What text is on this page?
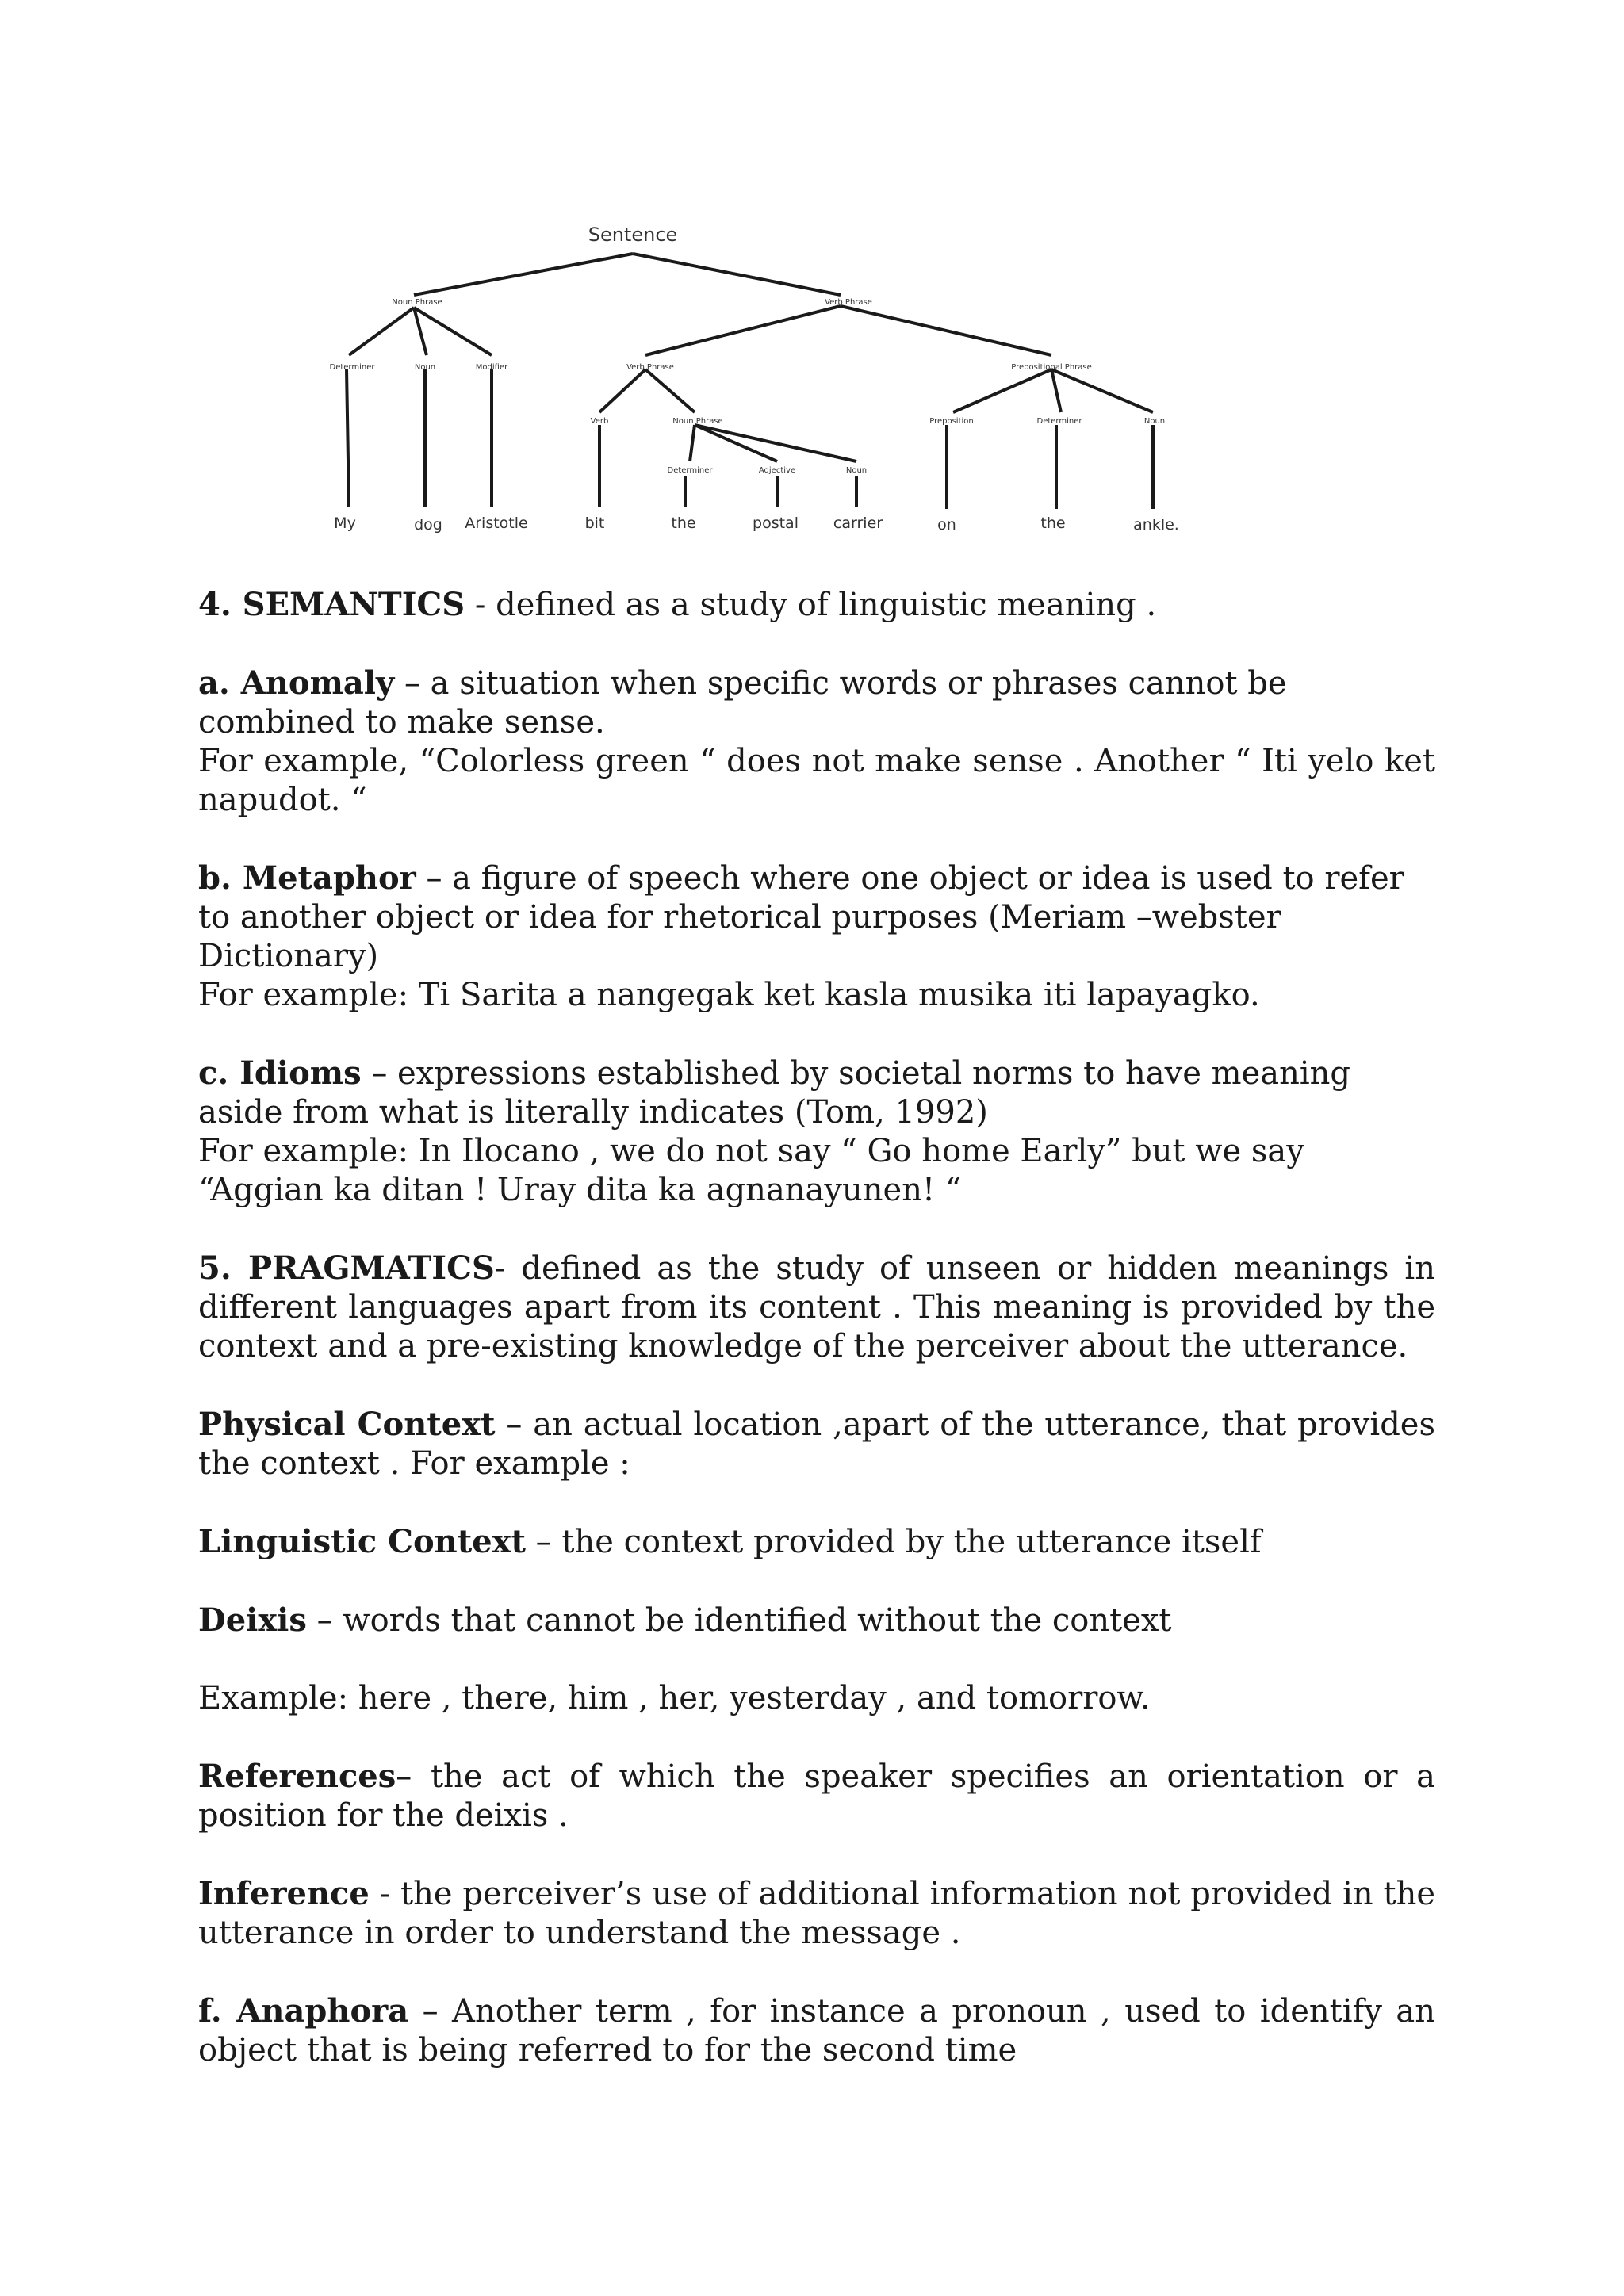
Sentence
Noun Phrase	Verb Phrase
Determiner	Noun	Modifier	Verb Phrase	Prepositional Phrase
Verb	Noun Phrase	Preposition	Determiner	Noun
Determiner	Adjective	Noun
My	dog Aristotle	bit	the	postal carrier	on	the	ankle.

4. SEMANTICS - defined as a study of linguistic meaning .

a. Anomaly – a situation when specific words or phrases cannot be combined to make sense.
For example, “Colorless green “ does not make sense . Another “ Iti yelo ket napudot. “

b. Metaphor – a figure of speech where one object or idea is used to refer to another object or idea for rhetorical purposes (Meriam –webster Dictionary)
For example: Ti Sarita a nangegak ket kasla musika iti lapayagko.

c. Idioms – expressions established by societal norms to have meaning aside from what is literally indicates (Tom, 1992)
For example: In Ilocano , we do not say “ Go home Early” but we say
“Aggian ka ditan ! Uray dita ka agnanayunen! “

5. PRAGMATICS- defined as the study of unseen or hidden meanings in different languages apart from its content . This meaning is provided by the context and a pre-existing knowledge of the perceiver about the utterance.

Physical Context – an actual location ,apart of the utterance, that provides the context . For example :

Linguistic Context – the context provided by the utterance itself

Deixis – words that cannot be identified without the context

Example: here , there, him , her, yesterday , and tomorrow.

References– the act of which the speaker specifies an orientation or a position for the deixis .

Inference - the perceiver’s use of additional information not provided in the utterance in order to understand the message .

f. Anaphora – Another term , for instance a pronoun , used to identify an object that is being referred to for the second time
